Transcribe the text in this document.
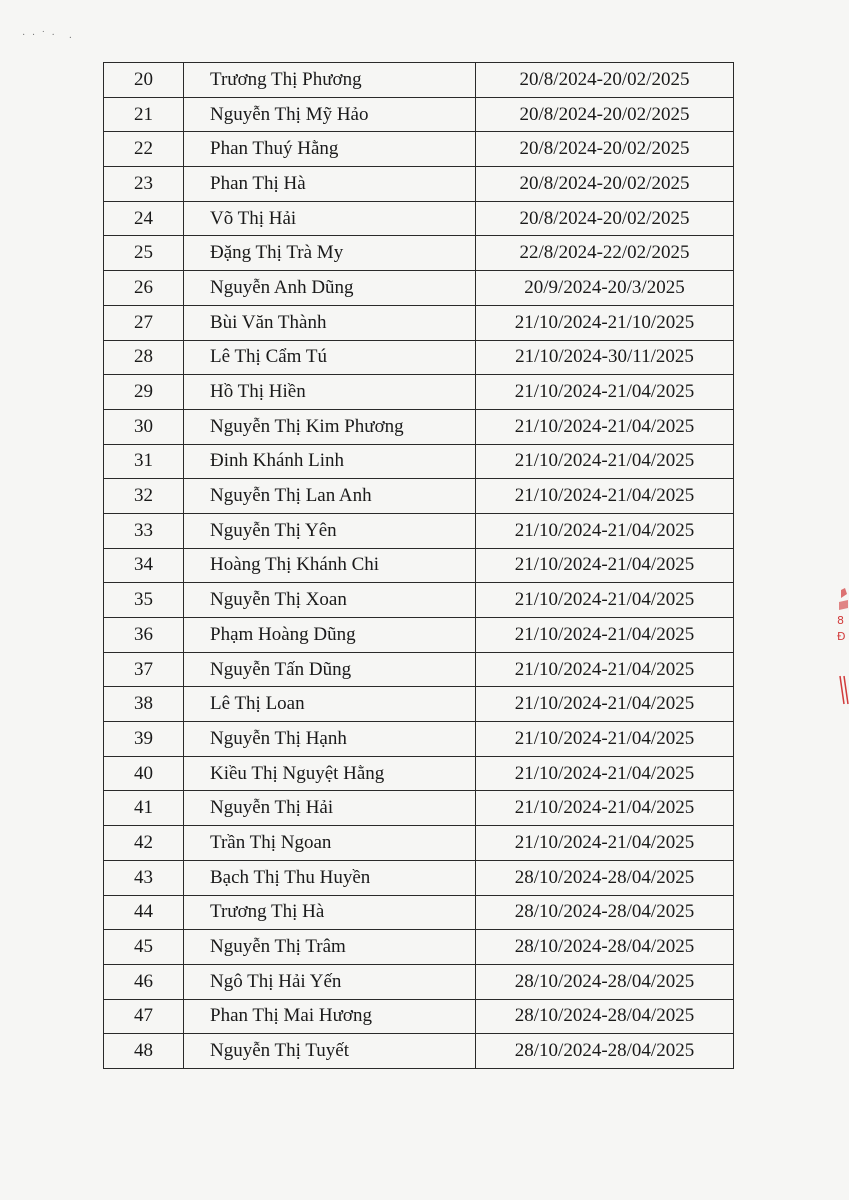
· · ˙ ·ﾞ .
20	Trương Thị Phương	20/8/2024-20/02/2025
21	Nguyễn Thị Mỹ Hảo	20/8/2024-20/02/2025
22	Phan Thuý Hằng	20/8/2024-20/02/2025
23	Phan Thị Hà	20/8/2024-20/02/2025
24	Võ Thị Hải	20/8/2024-20/02/2025
25	Đặng Thị Trà My	22/8/2024-22/02/2025
26	Nguyễn Anh Dũng	20/9/2024-20/3/2025
27	Bùi Văn Thành	21/10/2024-21/10/2025
28	Lê Thị Cẩm Tú	21/10/2024-30/11/2025
29	Hồ Thị Hiền	21/10/2024-21/04/2025
30	Nguyễn Thị Kim Phương	21/10/2024-21/04/2025
31	Đinh Khánh Linh	21/10/2024-21/04/2025
32	Nguyễn Thị Lan Anh	21/10/2024-21/04/2025
33	Nguyễn Thị Yên	21/10/2024-21/04/2025
34	Hoàng Thị Khánh Chi	21/10/2024-21/04/2025
35	Nguyễn Thị Xoan	21/10/2024-21/04/2025
36	Phạm Hoàng Dũng	21/10/2024-21/04/2025
37	Nguyễn Tấn Dũng	21/10/2024-21/04/2025
38	Lê Thị Loan	21/10/2024-21/04/2025
39	Nguyễn Thị Hạnh	21/10/2024-21/04/2025
40	Kiều Thị Nguyệt Hằng	21/10/2024-21/04/2025
41	Nguyễn Thị Hải	21/10/2024-21/04/2025
42	Trần Thị Ngoan	21/10/2024-21/04/2025
43	Bạch Thị Thu Huyền	28/10/2024-28/04/2025
44	Trương Thị Hà	28/10/2024-28/04/2025
45	Nguyễn Thị Trâm	28/10/2024-28/04/2025
46	Ngô Thị Hải Yến	28/10/2024-28/04/2025
47	Phan Thị Mai Hương	28/10/2024-28/04/2025
48	Nguyễn Thị Tuyết	28/10/2024-28/04/2025
8
Đ
